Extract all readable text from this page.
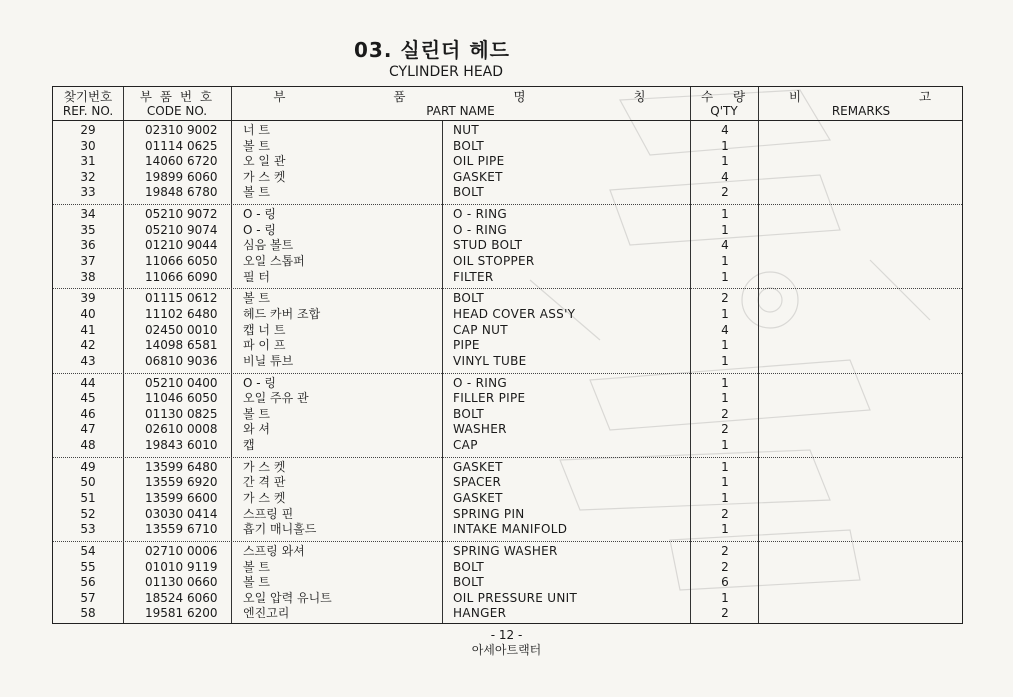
03. 실린더 헤드
CYLINDER HEAD
찾기번호
REF. NO.
부 품 번 호
CODE NO.
부 품 명 칭
PART NAME
수 량
Q'TY
비 고
REMARKS
29	02310 9002 너 트	NUT	4
30	01114 0625 볼 트	BOLT	1
31	14060 6720 오 일 관	OIL PIPE	1
32	19899 6060 가 스 켓	GASKET	4
33	19848 6780 볼 트	BOLT	2
34	05210 9072 O - 링	O - RING	1
35	05210 9074 O - 링	O - RING	1
36	01210 9044 심음 볼트	STUD BOLT	4
37	11066 6050 오일 스톱퍼	OIL STOPPER	1
38	11066 6090 필 터	FILTER	1
39	01115 0612 볼 트	BOLT	2
40	11102 6480 헤드 카버 조합	HEAD COVER ASS'Y	1
41	02450 0010 캡 너 트	CAP NUT	4
42	14098 6581 파 이 프	PIPE	1
43	06810 9036 비닐 튜브	VINYL TUBE	1
44	05210 0400 O - 링	O - RING	1
45	11046 6050 오일 주유 관	FILLER PIPE	1
46	01130 0825 볼 트	BOLT	2
47	02610 0008 와 셔	WASHER	2
48	19843 6010 캡	CAP	1
49	13599 6480 가 스 켓	GASKET	1
50	13559 6920 간 격 판	SPACER	1
51	13599 6600 가 스 켓	GASKET	1
52	03030 0414 스프링 핀	SPRING PIN	2
53	13559 6710 흡기 매니홀드	INTAKE MANIFOLD	1
54	02710 0006 스프링 와셔	SPRING WASHER	2
55	01010 9119 볼 트	BOLT	2
56	01130 0660 볼 트	BOLT	6
57	18524 6060 오일 압력 유니트	OIL PRESSURE UNIT	1
58	19581 6200 엔진고리	HANGER	2
- 12 -
아세아트랙터
